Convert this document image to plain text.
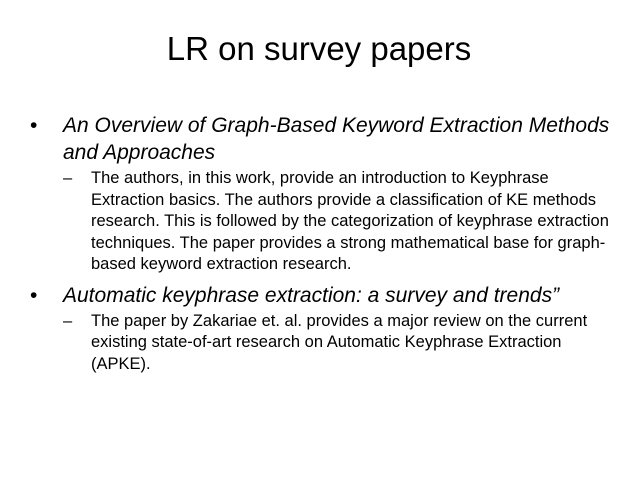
LR on survey papers
• An Overview of Graph-Based Keyword Extraction Methods and Approaches
– The authors, in this work, provide an introduction to Keyphrase Extraction basics. The authors provide a classification of KE methods research. This is followed by the categorization of keyphrase extraction techniques. The paper provides a strong mathematical base for graph-based keyword extraction research.
• Automatic keyphrase extraction: a survey and trends”
– The paper by Zakariae et. al. provides a major review on the current existing state-of-art research on Automatic Keyphrase Extraction (APKE).
